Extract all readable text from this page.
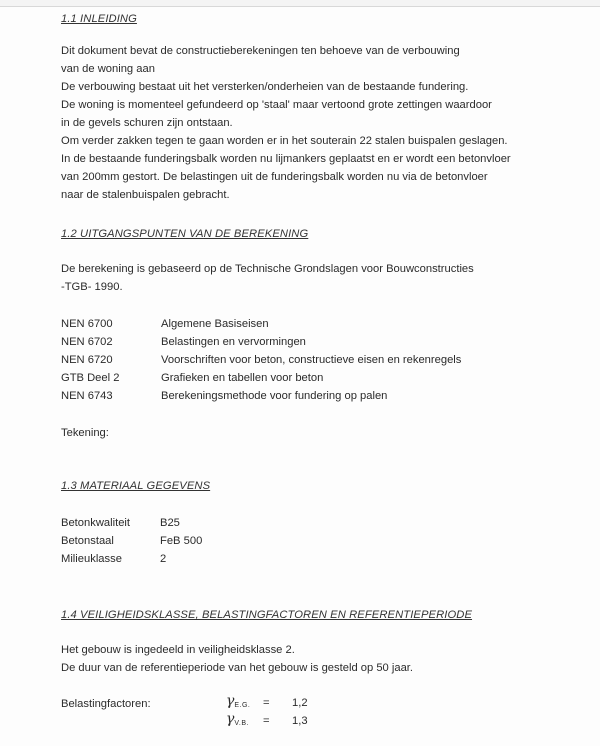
1.1 INLEIDING
Dit dokument bevat de constructieberekeningen ten behoeve van de verbouwing
van de woning aan
De verbouwing bestaat uit het versterken/onderheien van de bestaande fundering.
De woning is momenteel gefundeerd op 'staal' maar vertoond grote zettingen waardoor
in de gevels schuren zijn ontstaan.
Om verder zakken tegen te gaan worden er in het souterain 22 stalen buispalen geslagen.
In de bestaande funderingsbalk worden nu lijmankers geplaatst en er wordt een betonvloer
van 200mm gestort. De belastingen uit de funderingsbalk worden nu via de betonvloer
naar de stalenbuispalen gebracht.
1.2 UITGANGSPUNTEN VAN DE BEREKENING
De berekening is gebaseerd op de Technische Grondslagen voor Bouwconstructies
-TGB- 1990.
NEN 6700	Algemene Basiseisen
NEN 6702	Belastingen en vervormingen
NEN 6720	Voorschriften voor beton, constructieve eisen en rekenregels
GTB Deel 2	Grafieken en tabellen voor beton
NEN 6743	Berekeningsmethode voor fundering op palen
Tekening:
1.3 MATERIAAL GEGEVENS
Betonkwaliteit	B25
Betonstaal	FeB 500
Milieuklasse	2
1.4 VEILIGHEIDSKLASSE, BELASTINGFACTOREN EN REFERENTIEPERIODE
Het gebouw is ingedeeld in veiligheidsklasse 2.
De duur van de referentieperiode van het gebouw is gesteld op 50 jaar.
Belastingfactoren:	γE.G. = 1,2
γV.B. = 1,3
